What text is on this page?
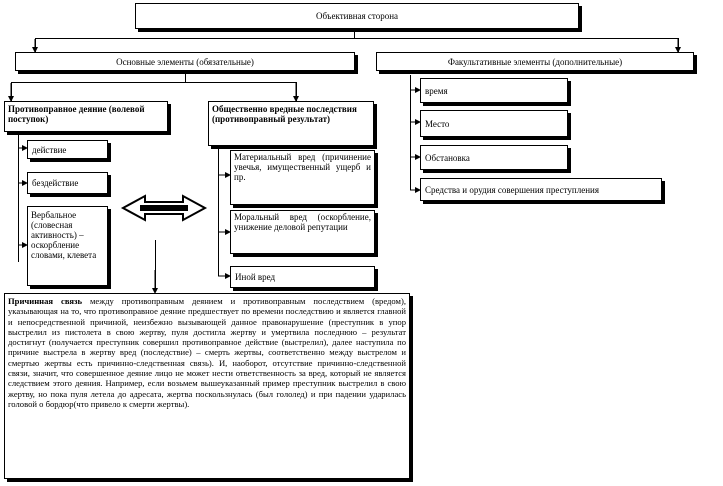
Объективная сторона
Основные элементы (обязательные)	Факультативные элементы (дополнительные)
Противоправное деяние (волевой поступок)
действие
бездействие
Вербальное (словесная активность) – оскорбление словами, клевета
Общественно вредные последствия (противоправный результат)
Материальный вред (причинение увечья, имущественный ущерб и пр.
Моральный вред (оскорбление, унижение деловой репутации
Иной вред
время
Место
Обстановка
Средства и орудия совершения преступления
Причинная связь между противоправным деянием и противоправным последствием (вредом), указывающая на то, что противоправное деяние предшествует по времени последствию и является главной и непосредственной причиной, неизбежно вызывающей данное правонарушение (преступник в упор выстрелил из пистолета в свою жертву, пуля достигла жертву и умертвила последнюю – результат достигнут (получается преступник совершил противоправное действие (выстрелил), далее наступила по причине выстрела в жертву вред (последствие) – смерть жертвы, соответственно между выстрелом и смертью жертвы есть причинно-следственная связь). И, наоборот, отсутствие причинно-следственной связи, значит, что совершенное деяние лицо не может нести ответственность за вред, который не является следствием этого деяния. Например, если возьмем вышеуказанный пример преступник выстрелил в свою жертву, но пока пуля летела до адресата, жертва поскользнулась (был гололед) и при падении ударилась головой о бордюр(что привело к смерти жертвы).
